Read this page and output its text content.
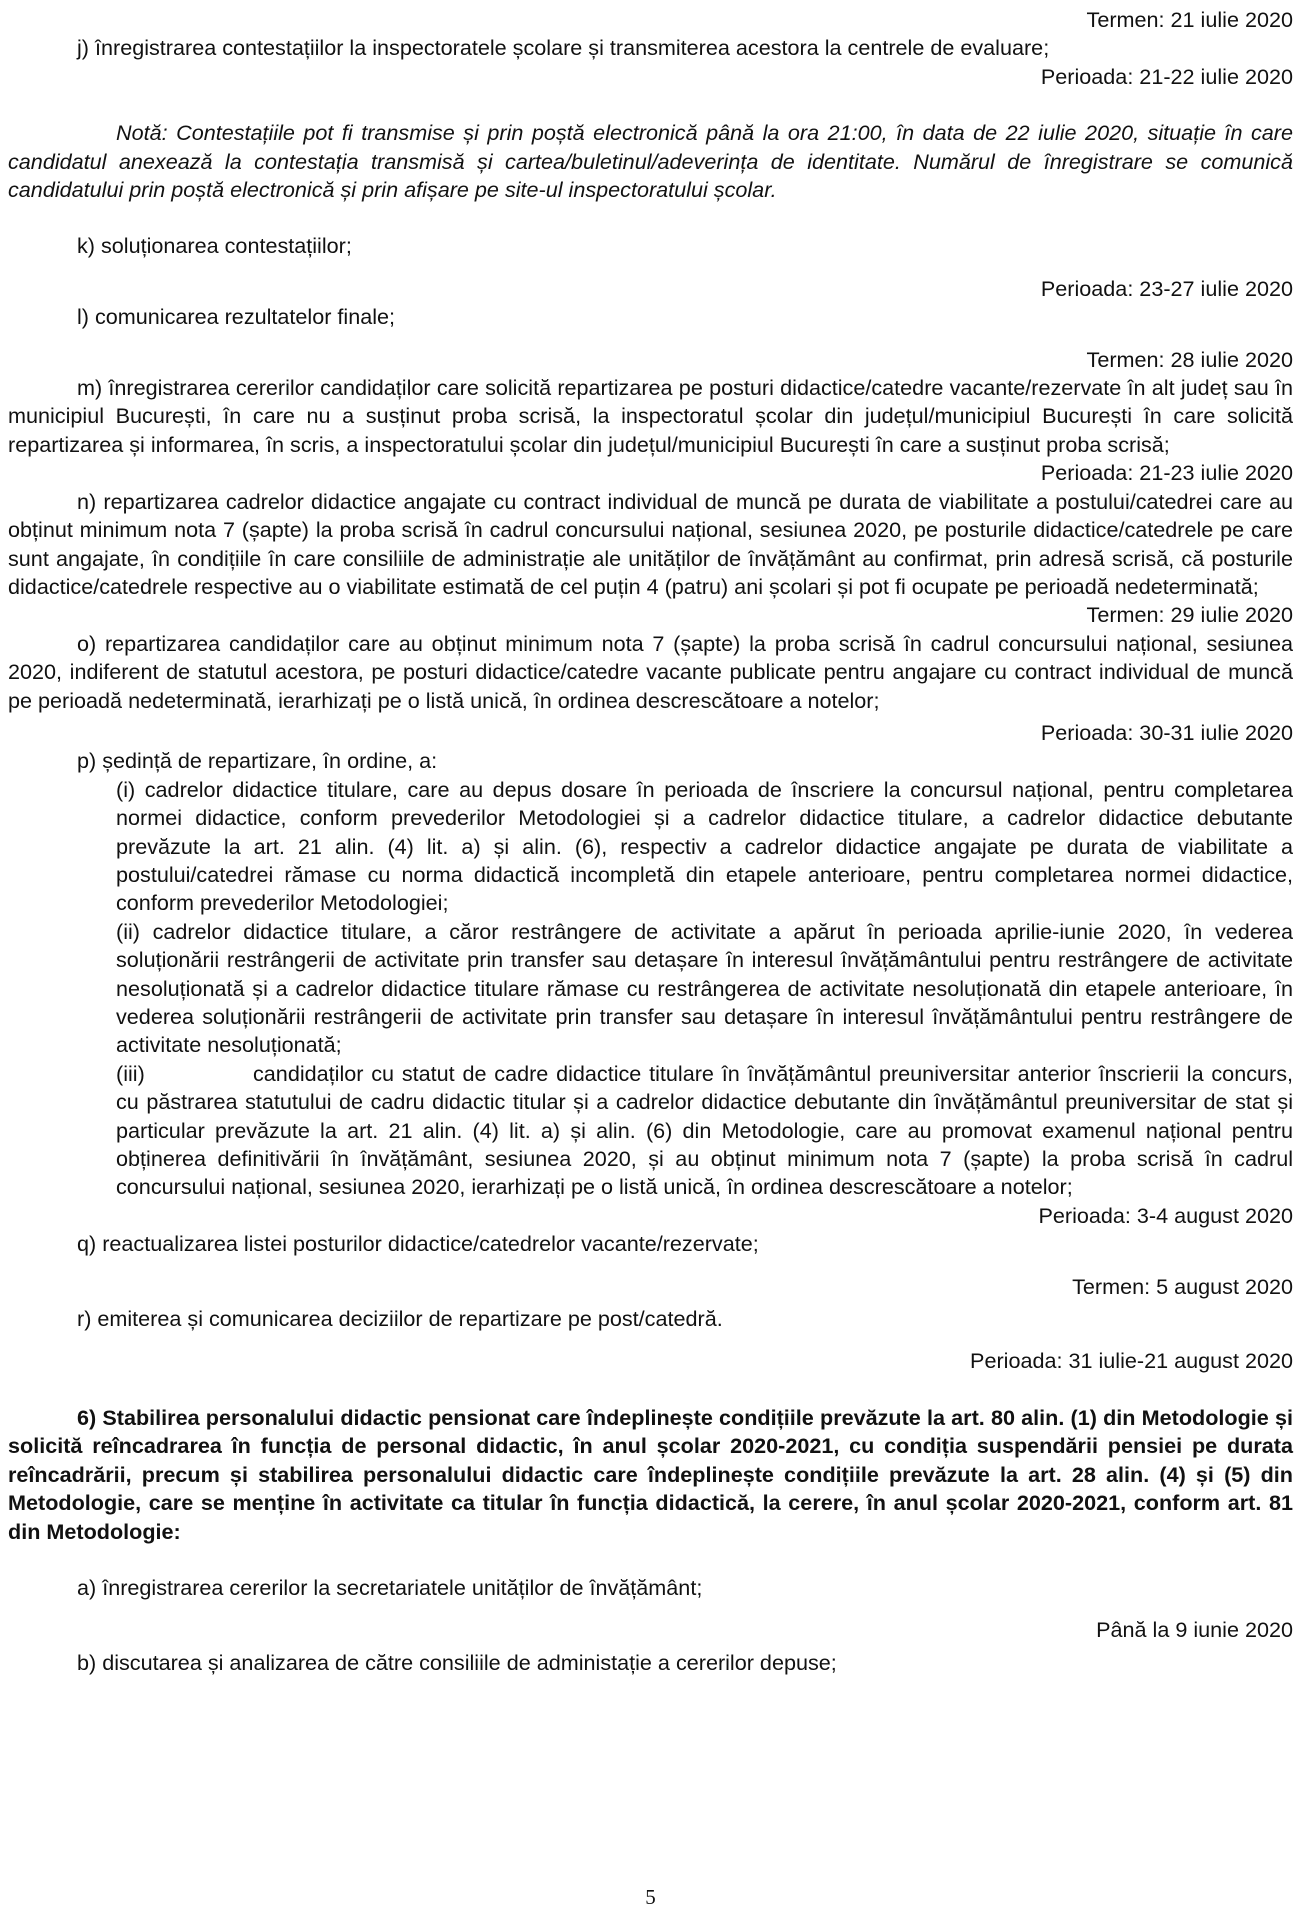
Termen: 21 iulie 2020
j) înregistrarea contestațiilor la inspectoratele școlare și transmiterea acestora la centrele de evaluare;
Perioada: 21-22 iulie 2020

Notă: Contestațiile pot fi transmise și prin poștă electronică până la ora 21:00, în data de 22 iulie 2020, situație în care candidatul anexează la contestația transmisă și cartea/buletinul/adeverința de identitate. Numărul de înregistrare se comunică candidatului prin poștă electronică și prin afișare pe site-ul inspectoratului școlar.

k) soluționarea contestațiilor;
Perioada: 23-27 iulie 2020
l) comunicarea rezultatelor finale;
Termen: 28 iulie 2020

m) înregistrarea cererilor candidaților care solicită repartizarea pe posturi didactice/catedre vacante/rezervate în alt județ sau în municipiul București, în care nu a susținut proba scrisă, la inspectoratul școlar din județul/municipiul București în care solicită repartizarea și informarea, în scris, a inspectoratului școlar din județul/municipiul București în care a susținut proba scrisă;

Perioada: 21-23 iulie 2020

n) repartizarea cadrelor didactice angajate cu contract individual de muncă pe durata de viabilitate a postului/catedrei care au obținut minimum nota 7 (șapte) la proba scrisă în cadrul concursului național, sesiunea 2020, pe posturile didactice/catedrele pe care sunt angajate, în condițiile în care consiliile de administrație ale unităților de învățământ au confirmat, prin adresă scrisă, că posturile didactice/catedrele respective au o viabilitate estimată de cel puțin 4 (patru) ani școlari și pot fi ocupate pe perioadă nedeterminată;

Termen: 29 iulie 2020

o) repartizarea candidaților care au obținut minimum nota 7 (șapte) la proba scrisă în cadrul concursului național, sesiunea 2020, indiferent de statutul acestora, pe posturi didactice/catedre vacante publicate pentru angajare cu contract individual de muncă pe perioadă nedeterminată, ierarhizați pe o listă unică, în ordinea descrescătoare a notelor;

Perioada: 30-31 iulie 2020
p) ședință de repartizare, în ordine, a:

(i) cadrelor didactice titulare, care au depus dosare în perioada de înscriere la concursul național, pentru completarea normei didactice, conform prevederilor Metodologiei și a cadrelor didactice titulare, a cadrelor didactice debutante prevăzute la art. 21 alin. (4) lit. a) și alin. (6), respectiv a cadrelor didactice angajate pe durata de viabilitate a postului/catedrei rămase cu norma didactică incompletă din etapele anterioare, pentru completarea normei didactice, conform prevederilor Metodologiei;

(ii) cadrelor didactice titulare, a căror restrângere de activitate a apărut în perioada aprilie-iunie 2020, în vederea soluționării restrângerii de activitate prin transfer sau detașare în interesul învățământului pentru restrângere de activitate nesoluționată și a cadrelor didactice titulare rămase cu restrângerea de activitate nesoluționată din etapele anterioare, în vederea soluționării restrângerii de activitate prin transfer sau detașare în interesul învățământului pentru restrângere de activitate nesoluționată;

(iii)	candidaților cu statut de cadre didactice titulare în învățământul preuniversitar anterior înscrierii la concurs, cu păstrarea statutului de cadru didactic titular și a cadrelor didactice debutante din învățământul preuniversitar de stat și particular prevăzute la art. 21 alin. (4) lit. a) și alin. (6) din Metodologie, care au promovat examenul național pentru obținerea definitivării în învățământ, sesiunea 2020, și au obținut minimum nota 7 (șapte) la proba scrisă în cadrul concursului național, sesiunea 2020, ierarhizați pe o listă unică, în ordinea descrescătoare a notelor;

Perioada: 3-4 august 2020
q) reactualizarea listei posturilor didactice/catedrelor vacante/rezervate;
Termen: 5 august 2020
r) emiterea și comunicarea deciziilor de repartizare pe post/catedră.
Perioada: 31 iulie-21 august 2020

6) Stabilirea personalului didactic pensionat care îndeplinește condițiile prevăzute la art. 80 alin. (1) din Metodologie și solicită reîncadrarea în funcția de personal didactic, în anul școlar 2020-2021, cu condiția suspendării pensiei pe durata reîncadrării, precum și stabilirea personalului didactic care îndeplinește condițiile prevăzute la art. 28 alin. (4) și (5) din Metodologie, care se menține în activitate ca titular în funcția didactică, la cerere, în anul școlar 2020-2021, conform art. 81 din Metodologie:

a) înregistrarea cererilor la secretariatele unităților de învățământ;
Până la 9 iunie 2020
b) discutarea și analizarea de către consiliile de administație a cererilor depuse;
5
